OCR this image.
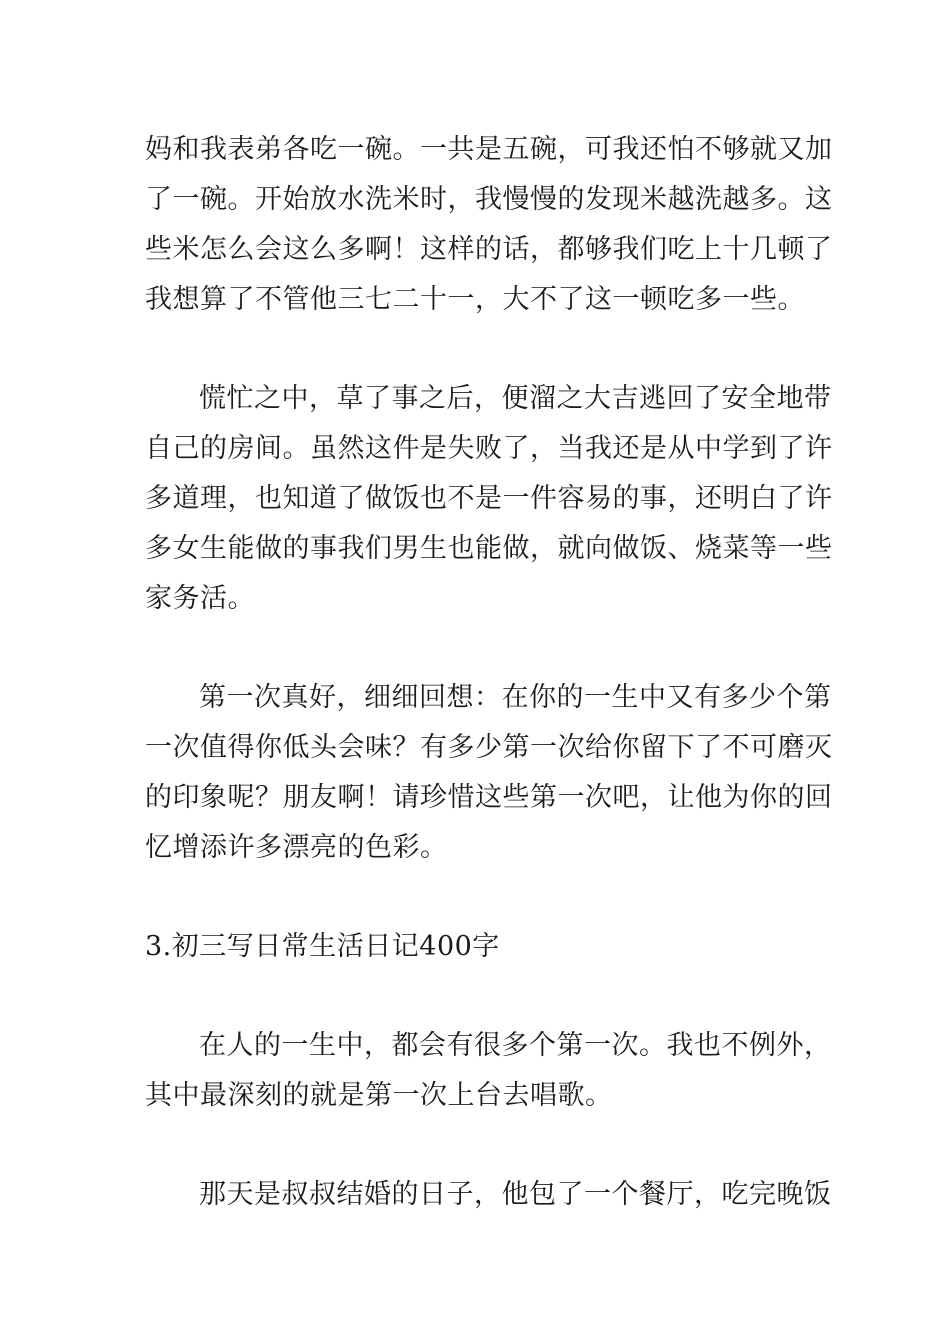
妈和我表弟各吃一碗。一共是五碗，可我还怕不够就又加
了一碗。开始放水洗米时，我慢慢的发现米越洗越多。这
些米怎么会这么多啊！这样的话，都够我们吃上十几顿了
我想算了不管他三七二十一，大不了这一顿吃多一些。
慌忙之中，草了事之后，便溜之大吉逃回了安全地带
自己的房间。虽然这件是失败了，当我还是从中学到了许
多道理，也知道了做饭也不是一件容易的事，还明白了许
多女生能做的事我们男生也能做，就向做饭、烧菜等一些
家务活。
第一次真好，细细回想：在你的一生中又有多少个第
一次值得你低头会味？有多少第一次给你留下了不可磨灭
的印象呢？朋友啊！请珍惜这些第一次吧，让他为你的回
忆增添许多漂亮的色彩。
3.初三写日常生活日记400字
在人的一生中，都会有很多个第一次。我也不例外，
其中最深刻的就是第一次上台去唱歌。
那天是叔叔结婚的日子，他包了一个餐厅，吃完晚饭
